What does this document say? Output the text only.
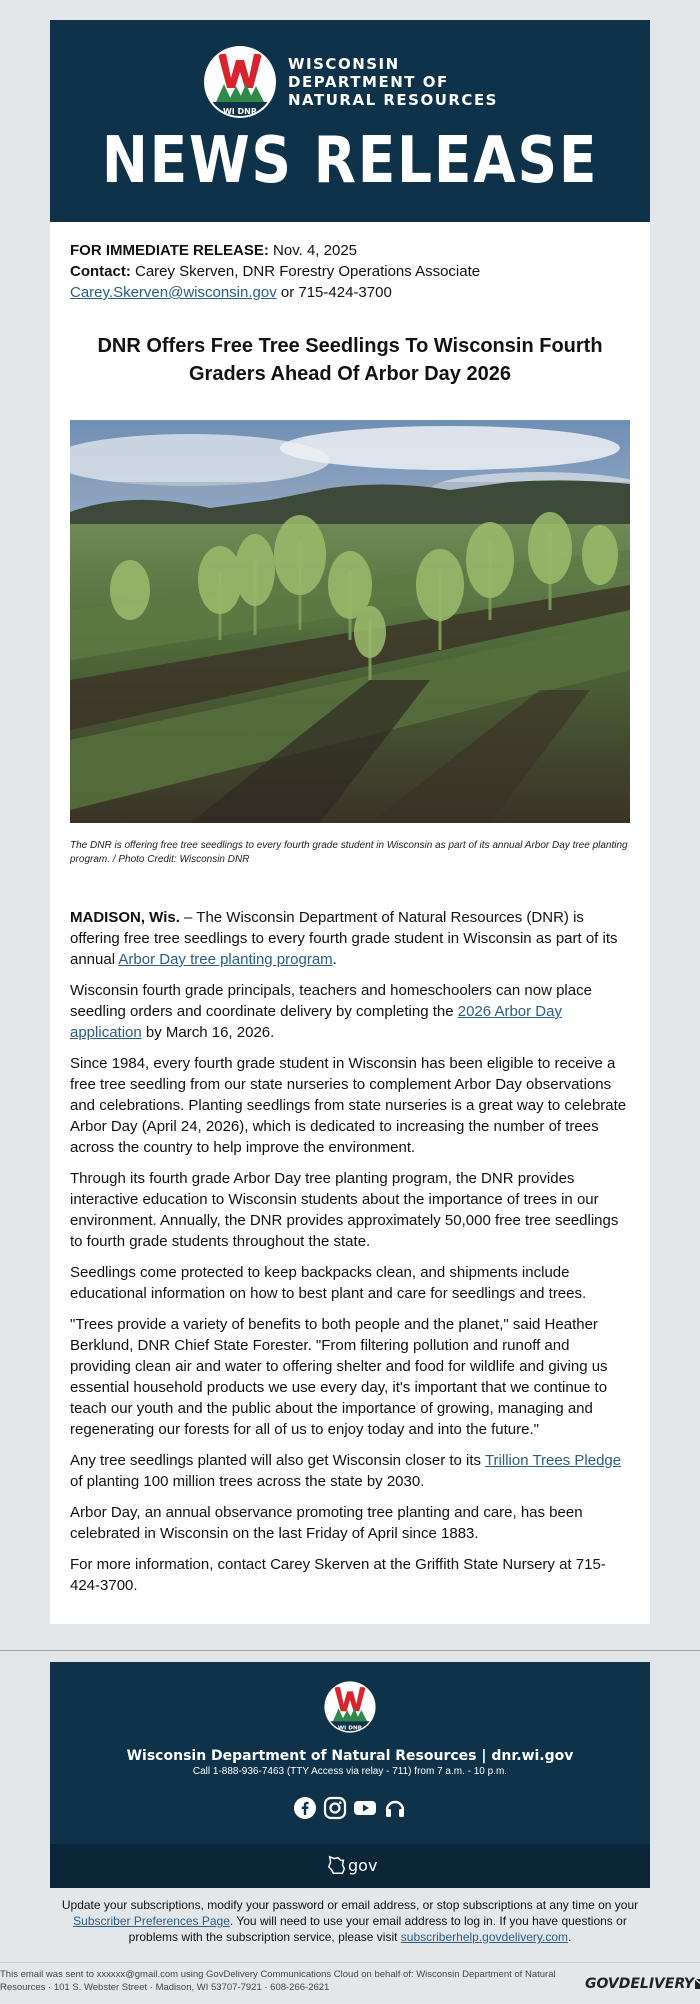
WI DNR
WISCONSIN
DEPARTMENT OF
NATURAL RESOURCES
NEWS RELEASE
FOR IMMEDIATE RELEASE: Nov. 4, 2025
Contact: Carey Skerven, DNR Forestry Operations Associate
Carey.Skerven@wisconsin.gov or 715-424-3700
DNR Offers Free Tree Seedlings To Wisconsin Fourth Graders Ahead Of Arbor Day 2026
The DNR is offering free tree seedlings to every fourth grade student in Wisconsin as part of its annual Arbor Day tree planting program. / Photo Credit: Wisconsin DNR

MADISON, Wis. – The Wisconsin Department of Natural Resources (DNR) is offering free tree seedlings to every fourth grade student in Wisconsin as part of its annual Arbor Day tree planting program.

Wisconsin fourth grade principals, teachers and homeschoolers can now place seedling orders and coordinate delivery by completing the 2026 Arbor Day application by March 16, 2026.

Since 1984, every fourth grade student in Wisconsin has been eligible to receive a free tree seedling from our state nurseries to complement Arbor Day observations and celebrations. Planting seedlings from state nurseries is a great way to celebrate Arbor Day (April 24, 2026), which is dedicated to increasing the number of trees across the country to help improve the environment.

Through its fourth grade Arbor Day tree planting program, the DNR provides interactive education to Wisconsin students about the importance of trees in our environment. Annually, the DNR provides approximately 50,000 free tree seedlings to fourth grade students throughout the state.

Seedlings come protected to keep backpacks clean, and shipments include educational information on how to best plant and care for seedlings and trees.

"Trees provide a variety of benefits to both people and the planet," said Heather Berklund, DNR Chief State Forester. "From filtering pollution and runoff and providing clean air and water to offering shelter and food for wildlife and giving us essential household products we use every day, it's important that we continue to teach our youth and the public about the importance of growing, managing and regenerating our forests for all of us to enjoy today and into the future."

Any tree seedlings planted will also get Wisconsin closer to its Trillion Trees Pledge of planting 100 million trees across the state by 2030.

Arbor Day, an annual observance promoting tree planting and care, has been celebrated in Wisconsin on the last Friday of April since 1883.

For more information, contact Carey Skerven at the Griffith State Nursery at 715-424-3700.

WI DNR
Wisconsin Department of Natural Resources | dnr.wi.gov
Call 1-888-936-7463 (TTY Access via relay - 711) from 7 a.m. - 10 p.m.
gov
Update your subscriptions, modify your password or email address, or stop subscriptions at any time on your Subscriber Preferences Page. You will need to use your email address to log in. If you have questions or problems with the subscription service, please visit subscriberhelp.govdelivery.com.
This email was sent to xxxxxx@gmail.com using GovDelivery Communications Cloud on behalf of: Wisconsin Department of Natural Resources · 101 S. Webster Street · Madison, WI 53707-7921 · 608-266-2621	GOVDELIVERY
